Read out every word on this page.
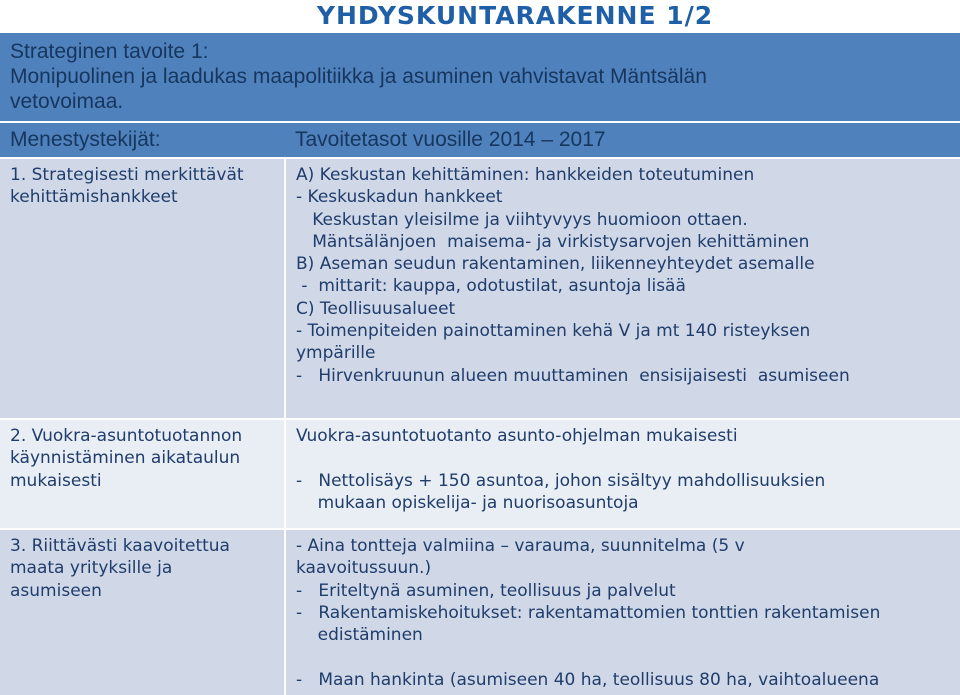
YHDYSKUNTARAKENNE 1/2
Strateginen tavoite 1:
Monipuolinen ja laadukas maapolitiikka ja asuminen vahvistavat Mäntsälän
vetovoimaa.
Menestystekijät:	Tavoitetasot vuosille 2014 – 2017
1. Strategisesti merkittävät
kehittämishankkeet
A) Keskustan kehittäminen: hankkeiden toteutuminen
- Keskuskadun hankkeet
Keskustan yleisilme ja viihtyvyys huomioon ottaen.
Mäntsälänjoen  maisema- ja virkistysarvojen kehittäminen
B) Aseman seudun rakentaminen, liikenneyhteydet asemalle
-  mittarit: kauppa, odotustilat, asuntoja lisää
C) Teollisuusalueet
- Toimenpiteiden painottaminen kehä V ja mt 140 risteyksen
ympärille
-   Hirvenkruunun alueen muuttaminen  ensisijaisesti  asumiseen
2. Vuokra-asuntotuotannon
käynnistäminen aikataulun
mukaisesti
Vuokra-asuntotuotanto asunto-ohjelman mukaisesti

-   Nettolisäys + 150 asuntoa, johon sisältyy mahdollisuuksien
mukaan opiskelija- ja nuorisoasuntoja
3. Riittävästi kaavoitettua
maata yrityksille ja
asumiseen
- Aina tontteja valmiina – varauma, suunnitelma (5 v
kaavoitussuun.)
-   Eriteltynä asuminen, teollisuus ja palvelut
-   Rakentamiskehoitukset: rakentamattomien tonttien rakentamisen
edistäminen

-   Maan hankinta (asumiseen 40 ha, teollisuus 80 ha, vaihtoalueena
